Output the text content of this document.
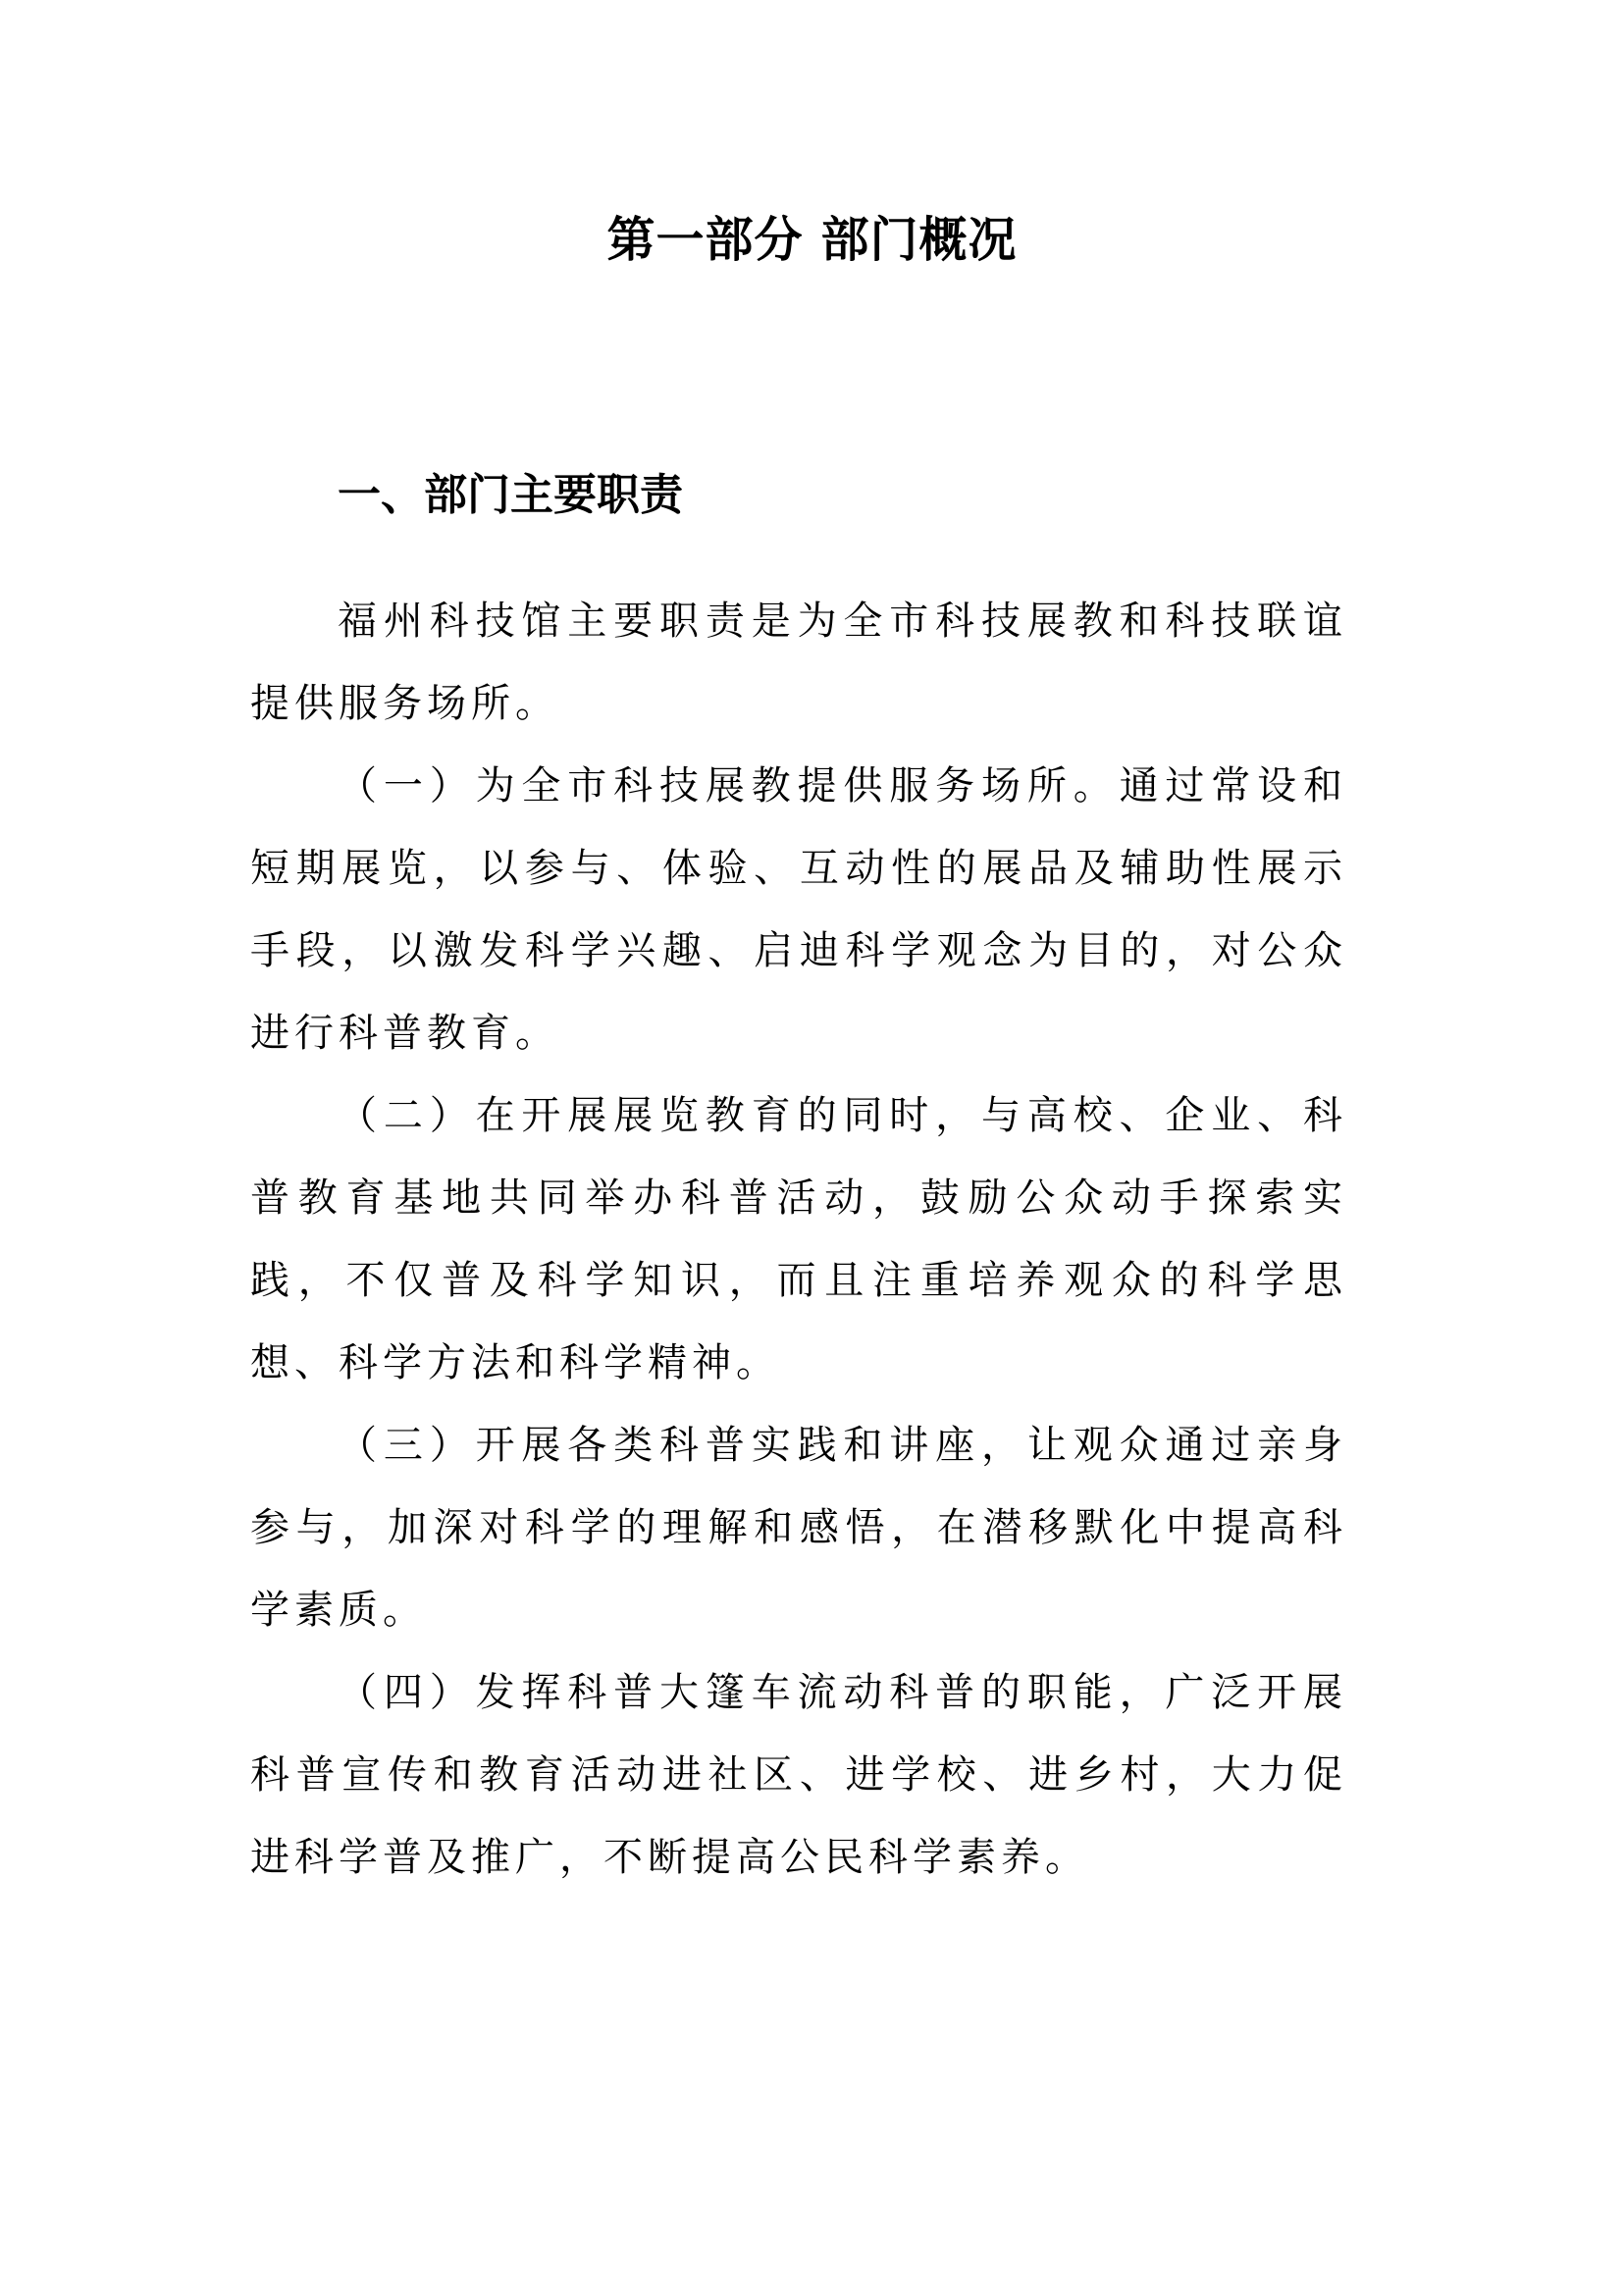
第一部分 部门概况
一、部门主要职责

福州科技馆主要职责是为全市科技展教和科技联谊提供服务场所。

（一）为全市科技展教提供服务场所。通过常设和短期展览，以参与、体验、互动性的展品及辅助性展示手段，以激发科学兴趣、启迪科学观念为目的，对公众进行科普教育。

（二）在开展展览教育的同时，与高校、企业、科普教育基地共同举办科普活动，鼓励公众动手探索实践，不仅普及科学知识，而且注重培养观众的科学思想、科学方法和科学精神。

（三）开展各类科普实践和讲座，让观众通过亲身参与，加深对科学的理解和感悟，在潜移默化中提高科学素质。

（四）发挥科普大篷车流动科普的职能，广泛开展科普宣传和教育活动进社区、进学校、进乡村，大力促进科学普及推广，不断提高公民科学素养。
